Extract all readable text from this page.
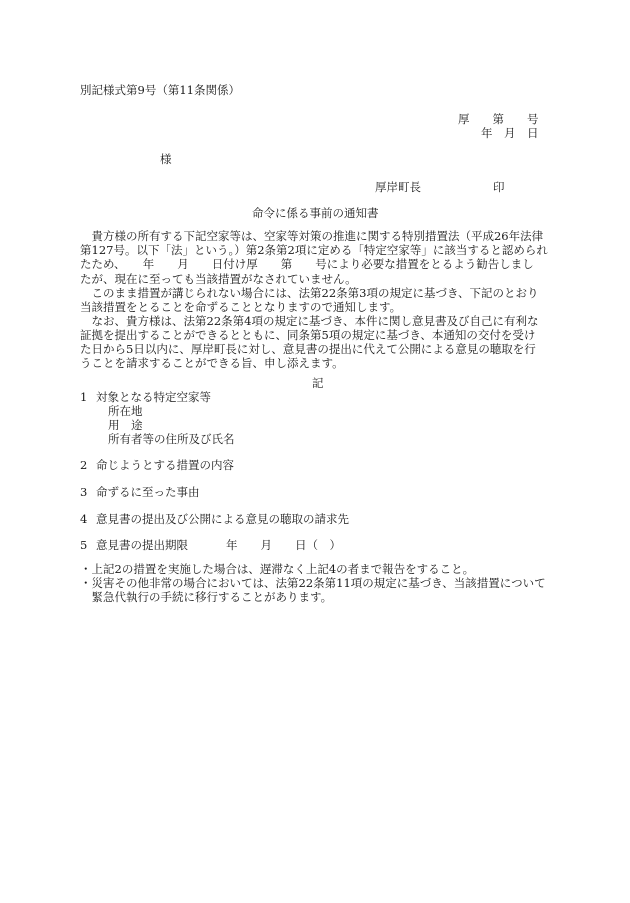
別記様式第9号（第11条関係）
厚　　第　　号
年　月　日
様
厚岸町長	印
命令に係る事前の通知書
　貴方様の所有する下記空家等は、空家等対策の推進に関する特別措置法（平成26年法律
第127号。以下「法」という。）第2条第2項に定める「特定空家等」に該当すると認められ
たため、　　年　　月　　日付け厚　　第　　号により必要な措置をとるよう勧告しまし
たが、現在に至っても当該措置がなされていません。
　このまま措置が講じられない場合には、法第22条第3項の規定に基づき、下記のとおり
当該措置をとることを命ずることとなりますので通知します。
　なお、貴方様は、法第22条第4項の規定に基づき、本件に関し意見書及び自己に有利な
証拠を提出することができるとともに、同条第5項の規定に基づき、本通知の交付を受け
た日から5日以内に、厚岸町長に対し、意見書の提出に代えて公開による意見の聴取を行
うことを請求することができる旨、申し添えます。
記
1 対象となる特定空家等
所在地
用　途
所有者等の住所及び氏名
2 命じようとする措置の内容
3 命ずるに至った事由
4 意見書の提出及び公開による意見の聴取の請求先
5 意見書の提出期限	年　　月　　日（　）
・上記2の措置を実施した場合は、遅滞なく上記4の者まで報告をすること。
・災害その他非常の場合においては、法第22条第11項の規定に基づき、当該措置について
　緊急代執行の手続に移行することがあります。
